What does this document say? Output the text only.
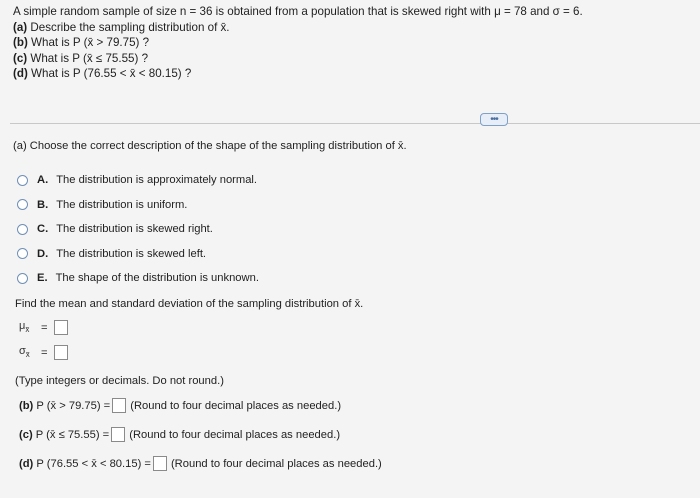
A simple random sample of size n = 36 is obtained from a population that is skewed right with μ = 78 and σ = 6.
(a) Describe the sampling distribution of x̄.
(b) What is P (x̄ > 79.75) ?
(c) What is P (x̄ ≤ 75.55) ?
(d) What is P (76.55 < x̄ < 80.15) ?
•••
(a) Choose the correct description of the shape of the sampling distribution of x̄.
A. The distribution is approximately normal.
B. The distribution is uniform.
C. The distribution is skewed right.
D. The distribution is skewed left.
E. The shape of the distribution is unknown.
Find the mean and standard deviation of the sampling distribution of x̄.
$\mu_{x̄}$	=
$\sigma_{x̄}$	=
(Type integers or decimals. Do not round.)
(b)
P (x̄ > 79.75) = (Round to four decimal places as needed.)
(c)
P (x̄ ≤ 75.55) = (Round to four decimal places as needed.)
(d)
P (76.55 < x̄ < 80.15) = (Round to four decimal places as needed.)
